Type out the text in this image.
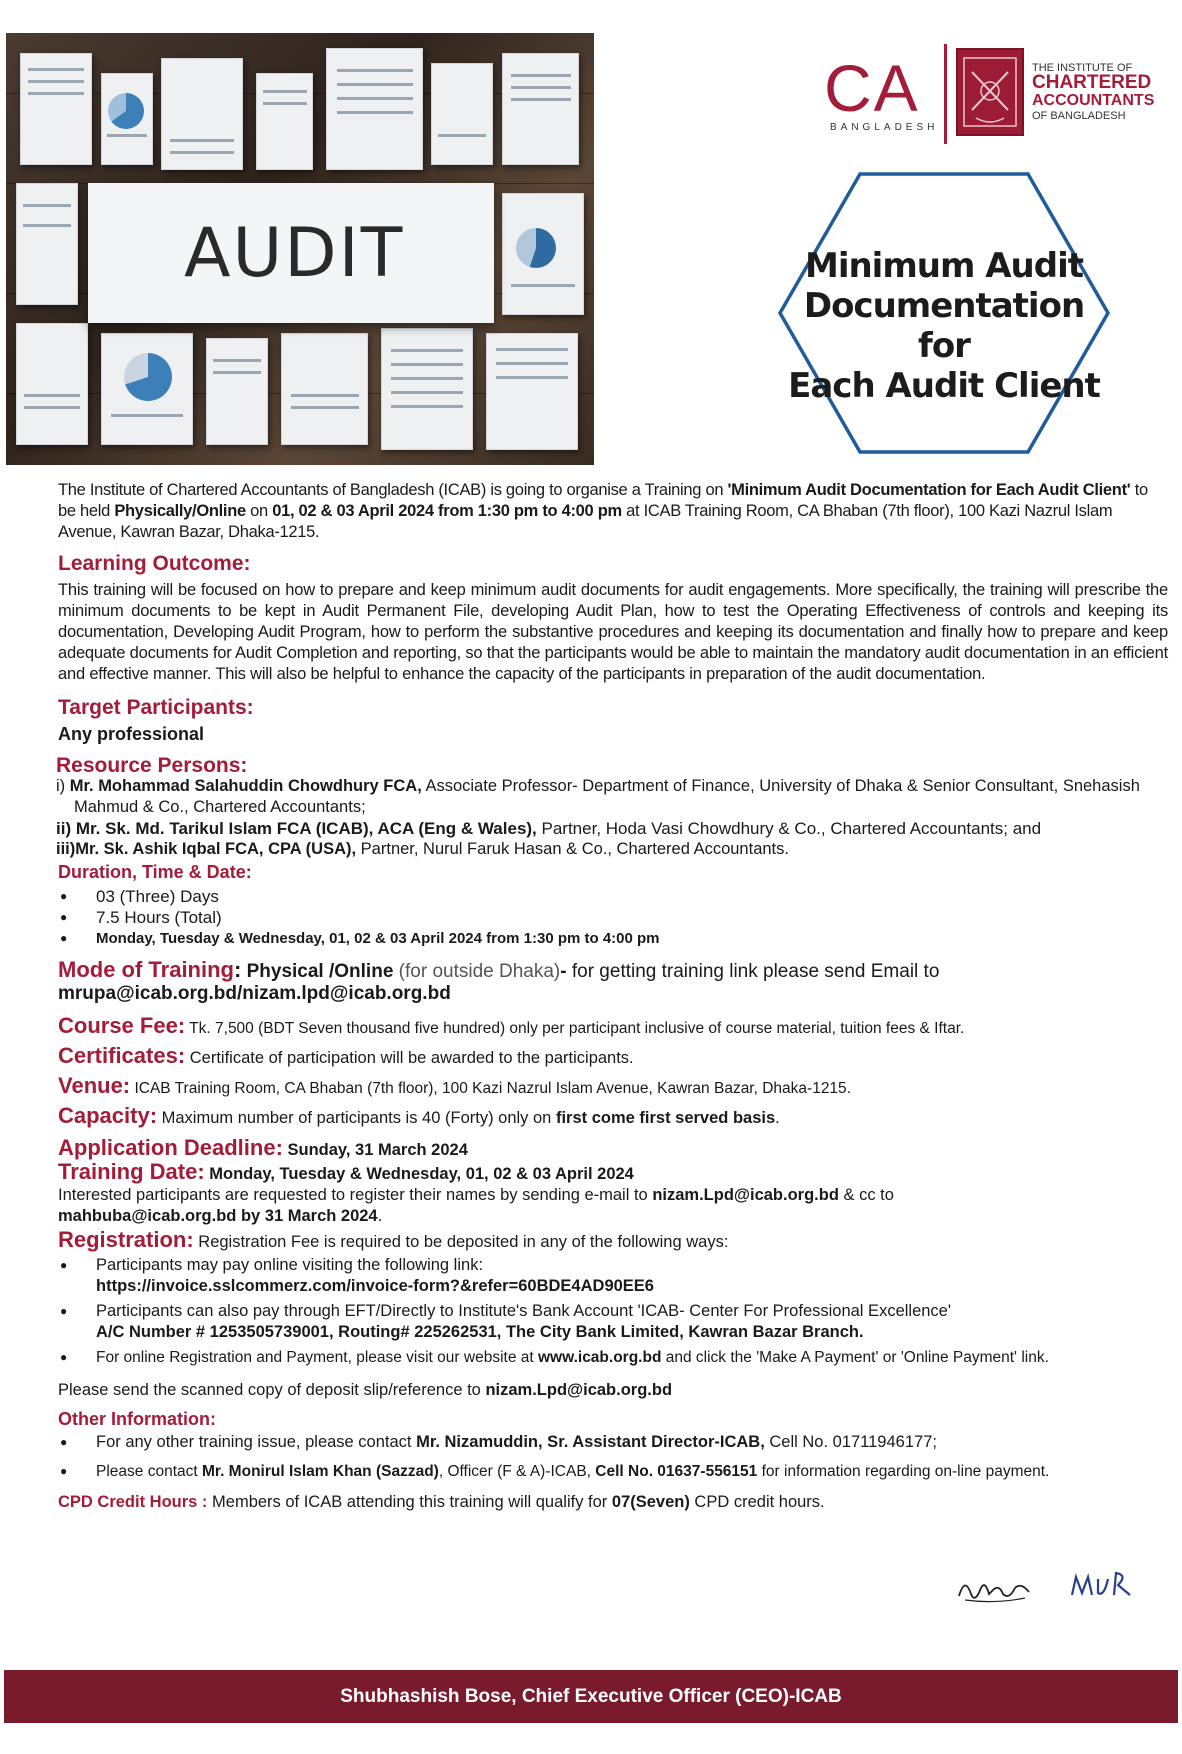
AUDIT
CA
BANGLADESH
THE INSTITUTE OF
CHARTERED
ACCOUNTANTS
OF BANGLADESH
Minimum Audit
Documentation for
Each Audit Client

The Institute of Chartered Accountants of Bangladesh (ICAB) is going to organise a Training on 'Minimum Audit Documentation for Each Audit Client' to be held Physically/Online on 01, 02 & 03 April 2024 from 1:30 pm to 4:00 pm at ICAB Training Room, CA Bhaban (7th floor), 100 Kazi Nazrul Islam Avenue, Kawran Bazar, Dhaka-1215.

Learning Outcome:

This training will be focused on how to prepare and keep minimum audit documents for audit engagements. More specifically, the training will prescribe the minimum documents to be kept in Audit Permanent File, developing Audit Plan, how to test the Operating Effectiveness of controls and keeping its documentation, Developing Audit Program, how to perform the substantive procedures and keeping its documentation and finally how to prepare and keep adequate documents for Audit Completion and reporting, so that the participants would be able to maintain the mandatory audit documentation in an efficient and effective manner. This will also be helpful to enhance the capacity of the participants in preparation of the audit documentation.

Target Participants:

Any professional

Resource Persons:

i) Mr. Mohammad Salahuddin Chowdhury FCA, Associate Professor- Department of Finance, University of Dhaka & Senior Consultant, Snehasish Mahmud & Co., Chartered Accountants;

ii) Mr. Sk. Md. Tarikul Islam FCA (ICAB), ACA (Eng & Wales), Partner, Hoda Vasi Chowdhury & Co., Chartered Accountants; and

iii)Mr. Sk. Ashik Iqbal FCA, CPA (USA), Partner, Nurul Faruk Hasan & Co., Chartered Accountants.

Duration, Time & Date:

● 03 (Three) Days
● 7.5 Hours (Total)
● Monday, Tuesday & Wednesday, 01, 02 & 03 April 2024 from 1:30 pm to 4:00 pm

Mode of Training: Physical /Online (for outside Dhaka)- for getting training link please send Email to
mrupa@icab.org.bd/nizam.lpd@icab.org.bd

Course Fee: Tk. 7,500 (BDT Seven thousand five hundred) only per participant inclusive of course material, tuition fees & Iftar.

Certificates: Certificate of participation will be awarded to the participants.

Venue: ICAB Training Room, CA Bhaban (7th floor), 100 Kazi Nazrul Islam Avenue, Kawran Bazar, Dhaka-1215.

Capacity: Maximum number of participants is 40 (Forty) only on first come first served basis.

Application Deadline: Sunday, 31 March 2024

Training Date: Monday, Tuesday & Wednesday, 01, 02 & 03 April 2024

Interested participants are requested to register their names by sending e-mail to nizam.Lpd@icab.org.bd & cc to
mahbuba@icab.org.bd by 31 March 2024.

Registration: Registration Fee is required to be deposited in any of the following ways:

● Participants may pay online visiting the following link:
https://invoice.sslcommerz.com/invoice-form?&refer=60BDE4AD90EE6
● Participants can also pay through EFT/Directly to Institute's Bank Account 'ICAB- Center For Professional Excellence'
A/C Number # 1253505739001, Routing# 225262531, The City Bank Limited, Kawran Bazar Branch.
● For online Registration and Payment, please visit our website at www.icab.org.bd and click the 'Make A Payment' or 'Online Payment' link.

Please send the scanned copy of deposit slip/reference to nizam.Lpd@icab.org.bd

Other Information:

● For any other training issue, please contact Mr. Nizamuddin, Sr. Assistant Director-ICAB, Cell No. 01711946177;
● Please contact Mr. Monirul Islam Khan (Sazzad), Officer (F & A)-ICAB, Cell No. 01637-556151 for information regarding on-line payment.

CPD Credit Hours : Members of ICAB attending this training will qualify for 07(Seven) CPD credit hours.

Shubhashish Bose, Chief Executive Officer (CEO)-ICAB
